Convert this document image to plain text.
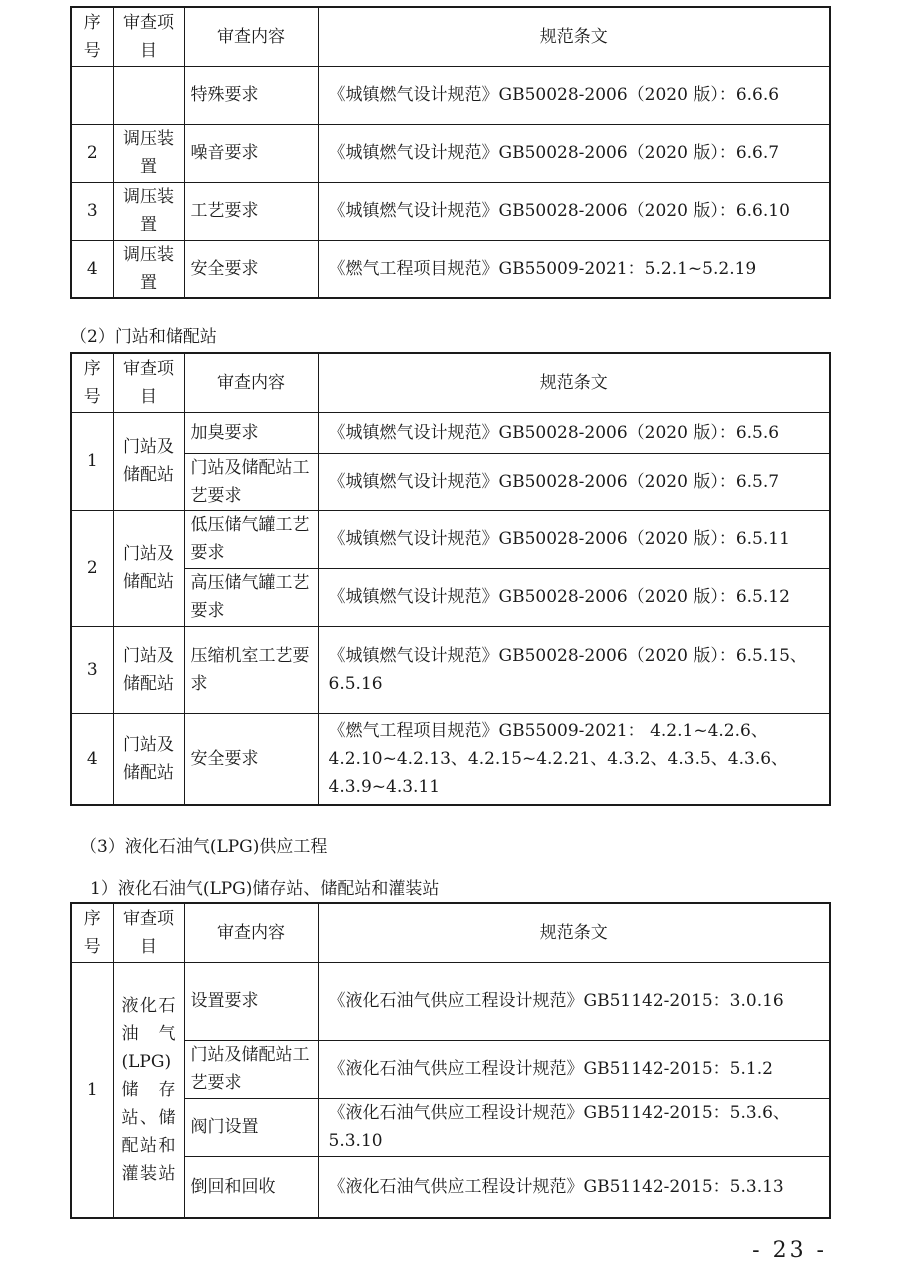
序号	审查项目	审查内容	规范条文
		特殊要求	《城镇燃气设计规范》GB50028-2006（2020 版）：6.6.6
2	调压装置	噪音要求	《城镇燃气设计规范》GB50028-2006（2020 版）：6.6.7
3	调压装置	工艺要求	《城镇燃气设计规范》GB50028-2006（2020 版）：6.6.10
4	调压装置	安全要求	《燃气工程项目规范》GB55009-2021：5.2.1~5.2.19
（2）门站和储配站
序号	审查项目	审查内容	规范条文
1	门站及储配站	加臭要求	《城镇燃气设计规范》GB50028-2006（2020 版）：6.5.6
		门站及储配站工艺要求	《城镇燃气设计规范》GB50028-2006（2020 版）：6.5.7
2	门站及储配站	低压储气罐工艺要求	《城镇燃气设计规范》GB50028-2006（2020 版）：6.5.11
		高压储气罐工艺要求	《城镇燃气设计规范》GB50028-2006（2020 版）：6.5.12
3	门站及储配站	压缩机室工艺要求	《城镇燃气设计规范》GB50028-2006（2020 版）：6.5.15、6.5.16
4	门站及储配站	安全要求	《燃气工程项目规范》GB55009-2021： 4.2.1~4.2.6、4.2.10~4.2.13、4.2.15~4.2.21、4.3.2、4.3.5、4.3.6、4.3.9~4.3.11
（3）液化石油气(LPG)供应工程
1）液化石油气(LPG)储存站、储配站和灌装站
序号	审查项目	审查内容	规范条文
1	液化石油气(LPG)储存站、储配站和灌装站	设置要求	《液化石油气供应工程设计规范》GB51142-2015：3.0.16
		门站及储配站工艺要求	《液化石油气供应工程设计规范》GB51142-2015：5.1.2
		阀门设置	《液化石油气供应工程设计规范》GB51142-2015：5.3.6、5.3.10
		倒回和回收	《液化石油气供应工程设计规范》GB51142-2015：5.3.13
- 23 -
